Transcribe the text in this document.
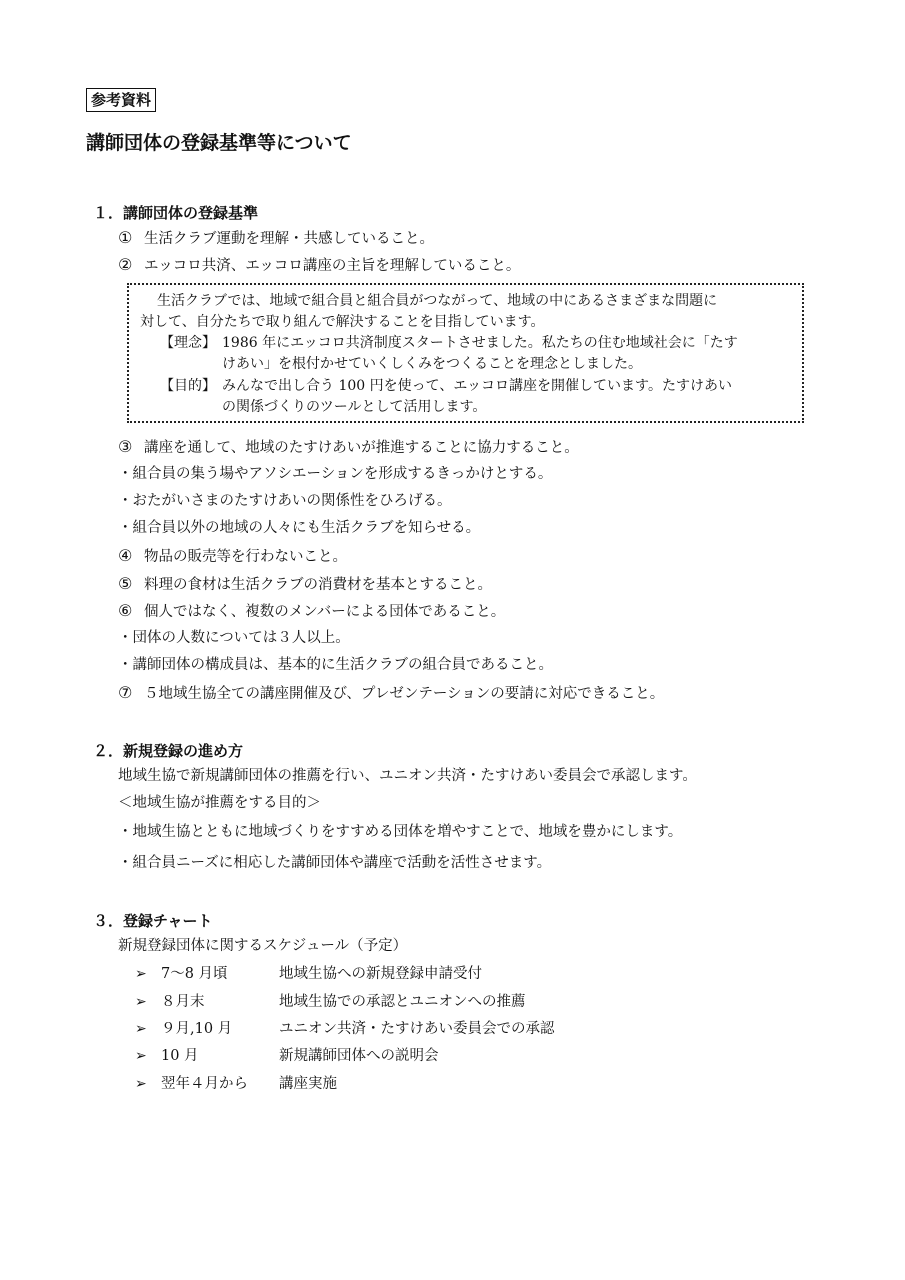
参考資料
講師団体の登録基準等について
１．講師団体の登録基準
① 生活クラブ運動を理解・共感していること。
② エッコロ共済、エッコロ講座の主旨を理解していること。
生活クラブでは、地域で組合員と組合員がつながって、地域の中にあるさまざまな問題に
対して、自分たちで取り組んで解決することを目指しています。
【理念】 1986 年にエッコロ共済制度スタートさせました。私たちの住む地域社会に「たす
けあい」を根付かせていくしくみをつくることを理念としました。
【目的】 みんなで出し合う 100 円を使って、エッコロ講座を開催しています。たすけあい
の関係づくりのツールとして活用します。
③ 講座を通して、地域のたすけあいが推進することに協力すること。
・組合員の集う場やアソシエーションを形成するきっかけとする。
・おたがいさまのたすけあいの関係性をひろげる。
・組合員以外の地域の人々にも生活クラブを知らせる。
④ 物品の販売等を行わないこと。
⑤ 料理の食材は生活クラブの消費材を基本とすること。
⑥ 個人ではなく、複数のメンバーによる団体であること。
・団体の人数については３人以上。
・講師団体の構成員は、基本的に生活クラブの組合員であること。
⑦ ５地域生協全ての講座開催及び、プレゼンテーションの要請に対応できること。
２．新規登録の進め方
地域生協で新規講師団体の推薦を行い、ユニオン共済・たすけあい委員会で承認します。
＜地域生協が推薦をする目的＞
・地域生協とともに地域づくりをすすめる団体を増やすことで、地域を豊かにします。
・組合員ニーズに相応した講師団体や講座で活動を活性させます。
３．登録チャート
新規登録団体に関するスケジュール（予定）
➢ 7〜8 月頃	地域生協への新規登録申請受付
➢ ８月末	地域生協での承認とユニオンへの推薦
➢ ９月,10 月	ユニオン共済・たすけあい委員会での承認
➢ 10 月	新規講師団体への説明会
➢ 翌年４月から 講座実施
